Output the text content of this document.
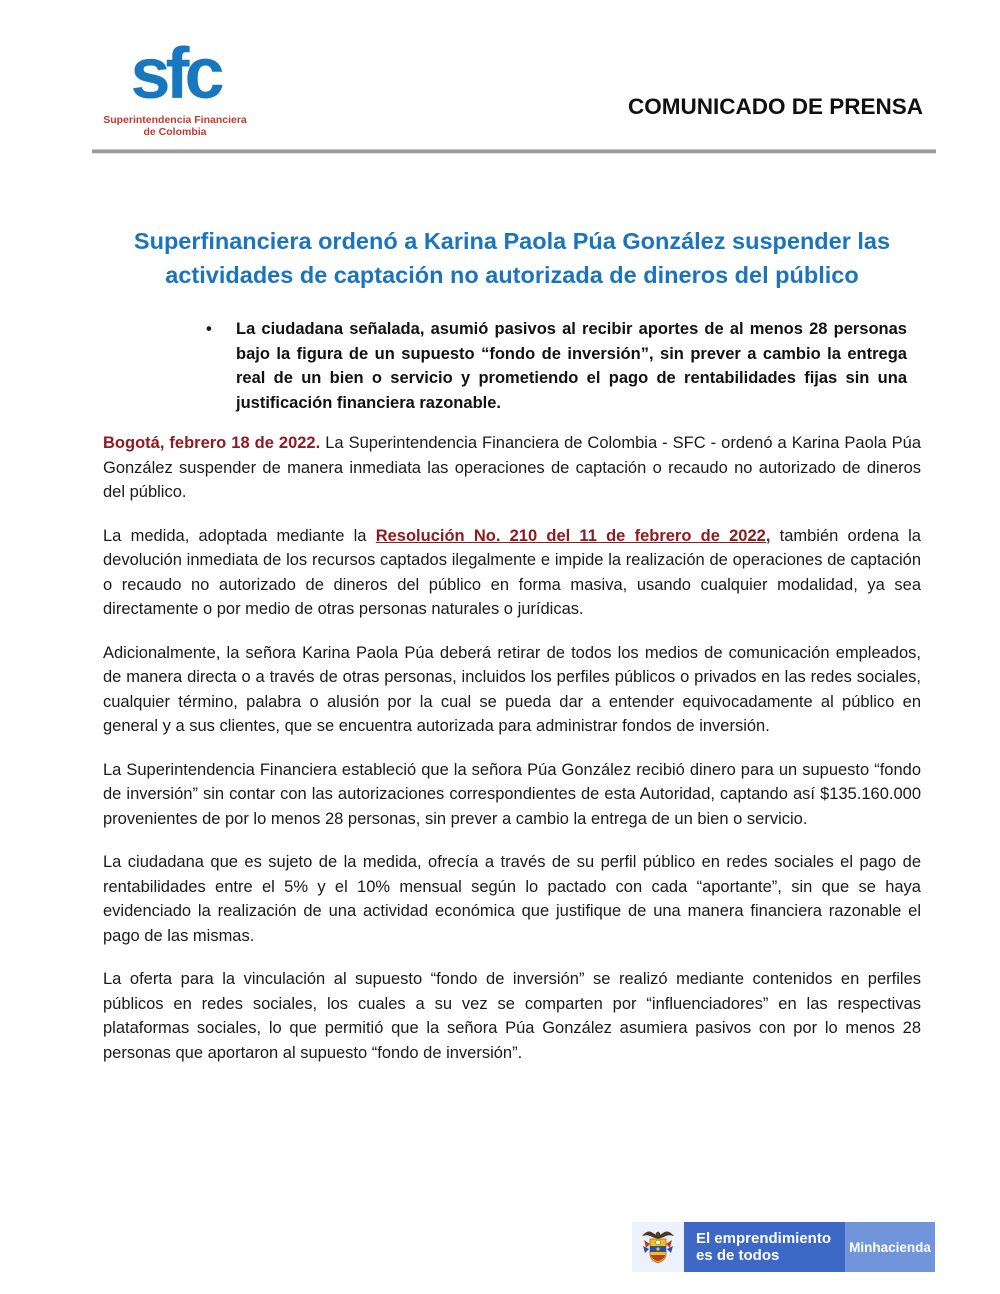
sfc
Superintendencia Financiera
de Colombia
COMUNICADO DE PRENSA
Superfinanciera ordenó a Karina Paola Púa González suspender las actividades de captación no autorizada de dineros del público
•	La ciudadana señalada, asumió pasivos al recibir aportes de al menos 28 personas bajo la figura de un supuesto “fondo de inversión”, sin prever a cambio la entrega real de un bien o servicio y prometiendo el pago de rentabilidades fijas sin una justificación financiera razonable.

Bogotá, febrero 18 de 2022. La Superintendencia Financiera de Colombia - SFC - ordenó a Karina Paola Púa González suspender de manera inmediata las operaciones de captación o recaudo no autorizado de dineros del público.

La medida, adoptada mediante la Resolución No. 210 del 11 de febrero de 2022, también ordena la devolución inmediata de los recursos captados ilegalmente e impide la realización de operaciones de captación o recaudo no autorizado de dineros del público en forma masiva, usando cualquier modalidad, ya sea directamente o por medio de otras personas naturales o jurídicas.

Adicionalmente, la señora Karina Paola Púa deberá retirar de todos los medios de comunicación empleados, de manera directa o a través de otras personas, incluidos los perfiles públicos o privados en las redes sociales, cualquier término, palabra o alusión por la cual se pueda dar a entender equivocadamente al público en general y a sus clientes, que se encuentra autorizada para administrar fondos de inversión.

La Superintendencia Financiera estableció que la señora Púa González recibió dinero para un supuesto “fondo de inversión” sin contar con las autorizaciones correspondientes de esta Autoridad, captando así $135.160.000 provenientes de por lo menos 28 personas, sin prever a cambio la entrega de un bien o servicio.

La ciudadana que es sujeto de la medida, ofrecía a través de su perfil público en redes sociales el pago de rentabilidades entre el 5% y el 10% mensual según lo pactado con cada “aportante”, sin que se haya evidenciado la realización de una actividad económica que justifique de una manera financiera razonable el pago de las mismas.

La oferta para la vinculación al supuesto “fondo de inversión” se realizó mediante contenidos en perfiles públicos en redes sociales, los cuales a su vez se comparten por “influenciadores” en las respectivas plataformas sociales, lo que permitió que la señora Púa González asumiera pasivos con por lo menos 28 personas que aportaron al supuesto “fondo de inversión”.

El emprendimiento
es de todos	Minhacienda
